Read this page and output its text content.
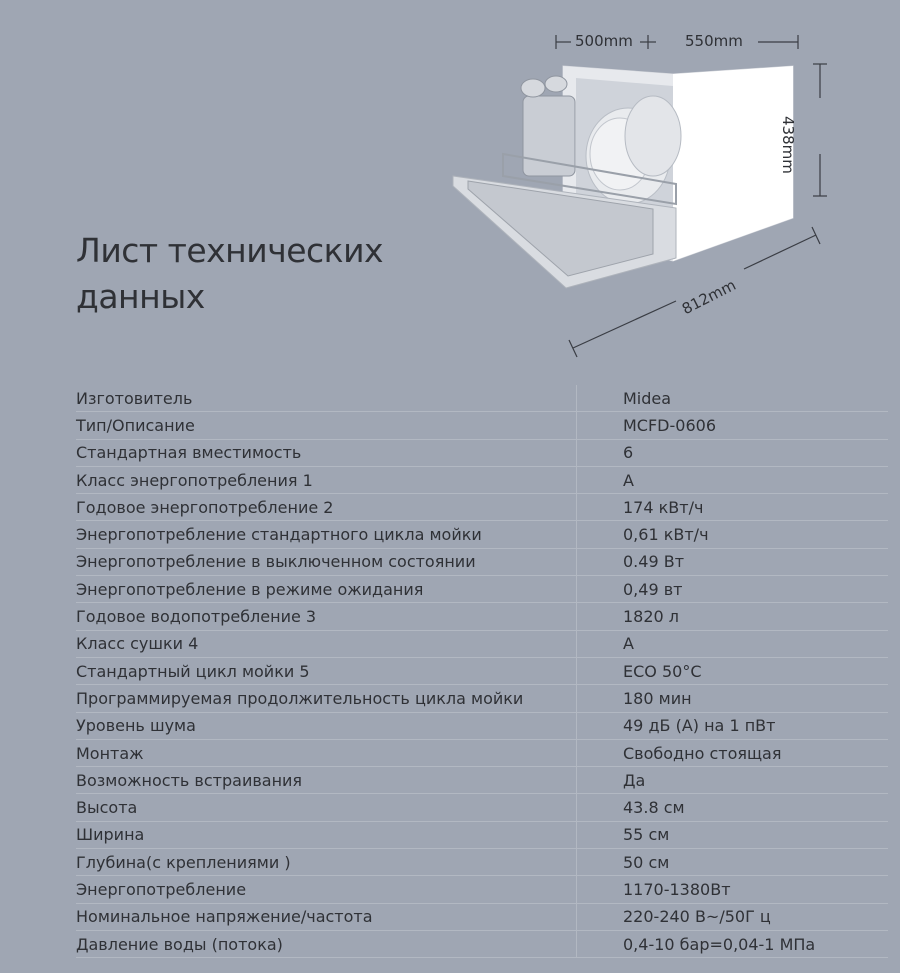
Лист технических
данных
500mm	550mm
438mm
812mm
Изготовитель	Midea
Тип/Описание	MCFD-0606
Стандартная вместимость	6
Класс энергопотребления 1	A
Годовое энергопотребление 2	174 кВт/ч
Энергопотребление стандартного цикла мойки	0,61 кВт/ч
Энергопотребление в выключенном состоянии	0.49 Вт
Энергопотребление в режиме ожидания	0,49 вт
Годовое водопотребление 3	1820 л
Класс сушки 4	A
Стандартный цикл мойки 5	ECO 50°C
Программируемая продолжительность цикла мойки	180 мин
Уровень шума	49 дБ (А) на 1 пВт
Монтаж	Свободно стоящая
Возможность встраивания	Да
Высота	43.8 см
Ширина	55 см
Глубина(с креплениями )	50 см
Энергопотребление	1170-1380Вт
Номинальное напряжение/частота	220-240 В~/50Г ц
Давление воды (потока)	0,4-10 бар=0,04-1 МПа
